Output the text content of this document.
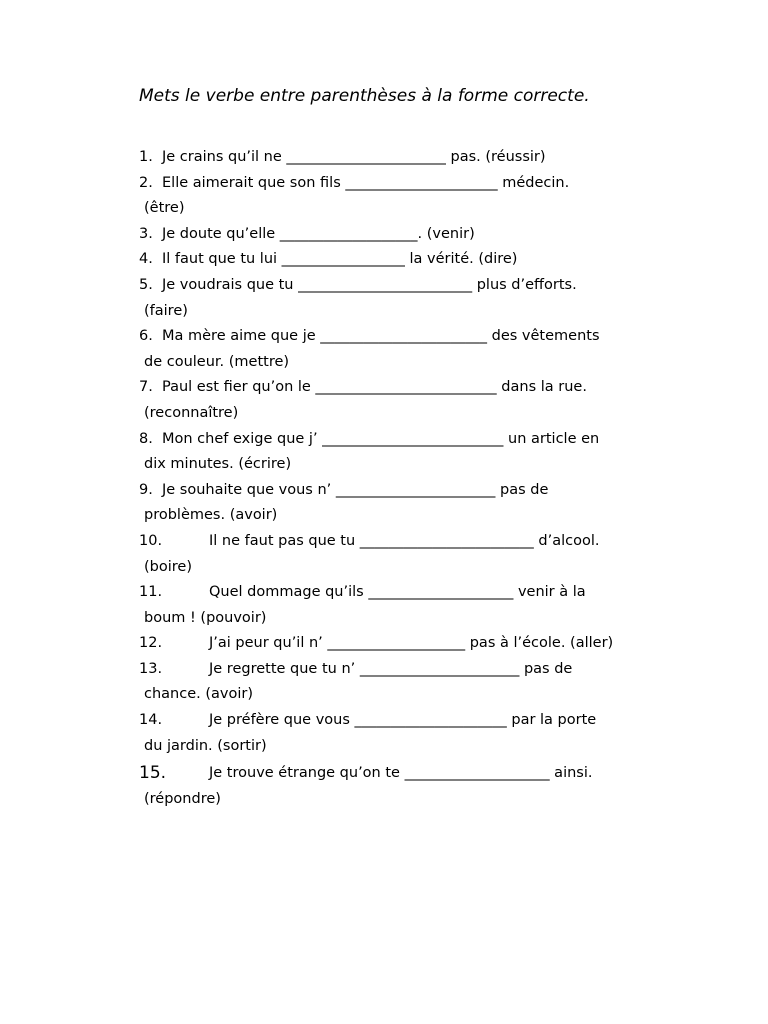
Mets le verbe entre parenthèses à la forme correcte.
1. Je crains qu’il ne ______________________ pas. (réussir)
2. Elle aimerait que son fils _____________________ médecin.
(être)
3. Je doute qu’elle ___________________. (venir)
4. Il faut que tu lui _________________ la vérité. (dire)
5. Je voudrais que tu ________________________ plus d’efforts.
(faire)
6. Ma mère aime que je _______________________ des vêtements
de couleur. (mettre)
7. Paul est fier qu’on le _________________________ dans la rue.
(reconnaître)
8. Mon chef exige que j’ _________________________ un article en
dix minutes. (écrire)
9. Je souhaite que vous n’ ______________________ pas de
problèmes. (avoir)
10.	Il ne faut pas que tu ________________________ d’alcool.
(boire)
11.	Quel dommage qu’ils ____________________ venir à la
boum ! (pouvoir)
12.	J’ai peur qu’il n’ ___________________ pas à l’école. (aller)
13.	Je regrette que tu n’ ______________________ pas de
chance. (avoir)
14.	Je préfère que vous _____________________ par la porte
du jardin. (sortir)
15.	Je trouve étrange qu’on te ____________________ ainsi.
(répondre)
